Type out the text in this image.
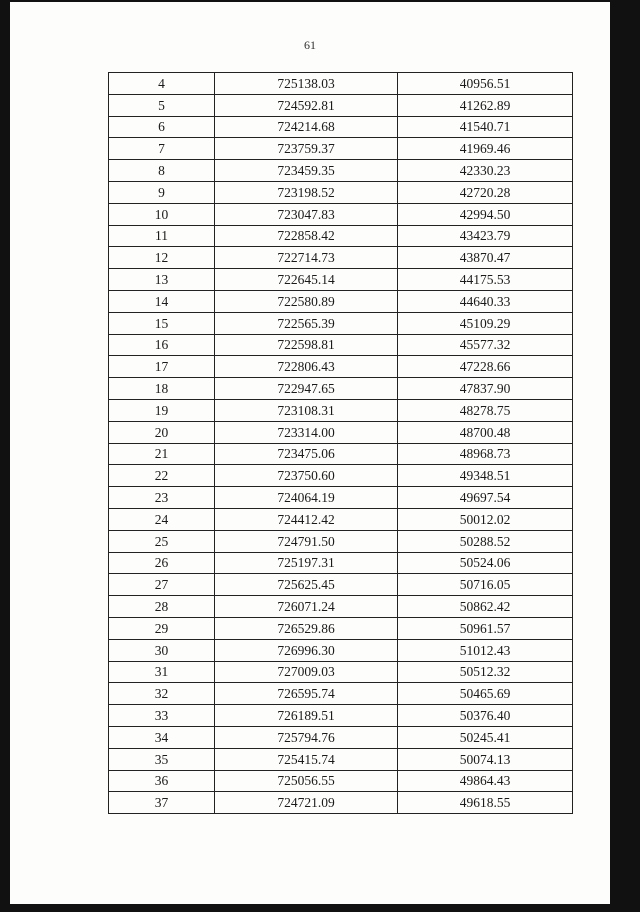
61
4	725138.03	40956.51
5	724592.81	41262.89
6	724214.68	41540.71
7	723759.37	41969.46
8	723459.35	42330.23
9	723198.52	42720.28
10	723047.83	42994.50
11	722858.42	43423.79
12	722714.73	43870.47
13	722645.14	44175.53
14	722580.89	44640.33
15	722565.39	45109.29
16	722598.81	45577.32
17	722806.43	47228.66
18	722947.65	47837.90
19	723108.31	48278.75
20	723314.00	48700.48
21	723475.06	48968.73
22	723750.60	49348.51
23	724064.19	49697.54
24	724412.42	50012.02
25	724791.50	50288.52
26	725197.31	50524.06
27	725625.45	50716.05
28	726071.24	50862.42
29	726529.86	50961.57
30	726996.30	51012.43
31	727009.03	50512.32
32	726595.74	50465.69
33	726189.51	50376.40
34	725794.76	50245.41
35	725415.74	50074.13
36	725056.55	49864.43
37	724721.09	49618.55
